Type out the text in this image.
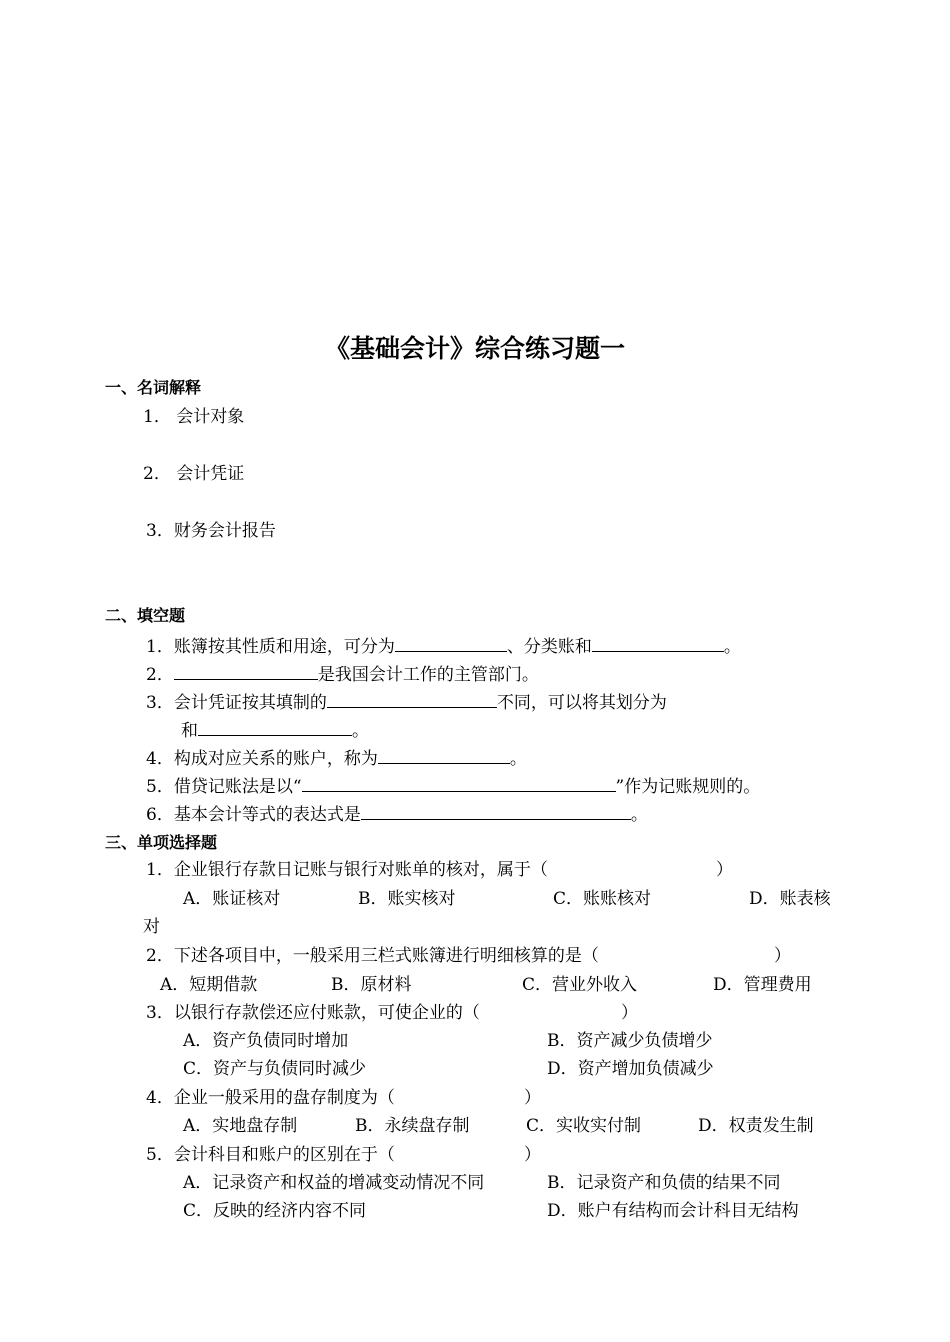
《基础会计》综合练习题一
一、名词解释
1． 会计对象
2． 会计凭证
3．财务会计报告
二、填空题
1．账簿按其性质和用途，可分为	、分类账和	。
2．	是我国会计工作的主管部门。
3．会计凭证按其填制的	不同，可以将其划分为
和	。
4．构成对应关系的账户，称为	。
5．借贷记账法是以“	”作为记账规则的。
6．基本会计等式的表达式是	。
三、单项选择题
1．企业银行存款日记账与银行对账单的核对，属于（	）
A．账证核对	B．账实核对	C．账账核对	D．账表核
对
2．下述各项目中，一般采用三栏式账簿进行明细核算的是（	）
A．短期借款	B．原材料	C．营业外收入	D．管理费用
3．以银行存款偿还应付账款，可使企业的（	）
A．资产负债同时增加	B．资产减少负债增少
C．资产与负债同时减少	D．资产增加负债减少
4．企业一般采用的盘存制度为（	）
A．实地盘存制	B．永续盘存制	C．实收实付制	D．权责发生制
5．会计科目和账户的区别在于（	）
A．记录资产和权益的增减变动情况不同	B．记录资产和负债的结果不同
C．反映的经济内容不同	D．账户有结构而会计科目无结构
